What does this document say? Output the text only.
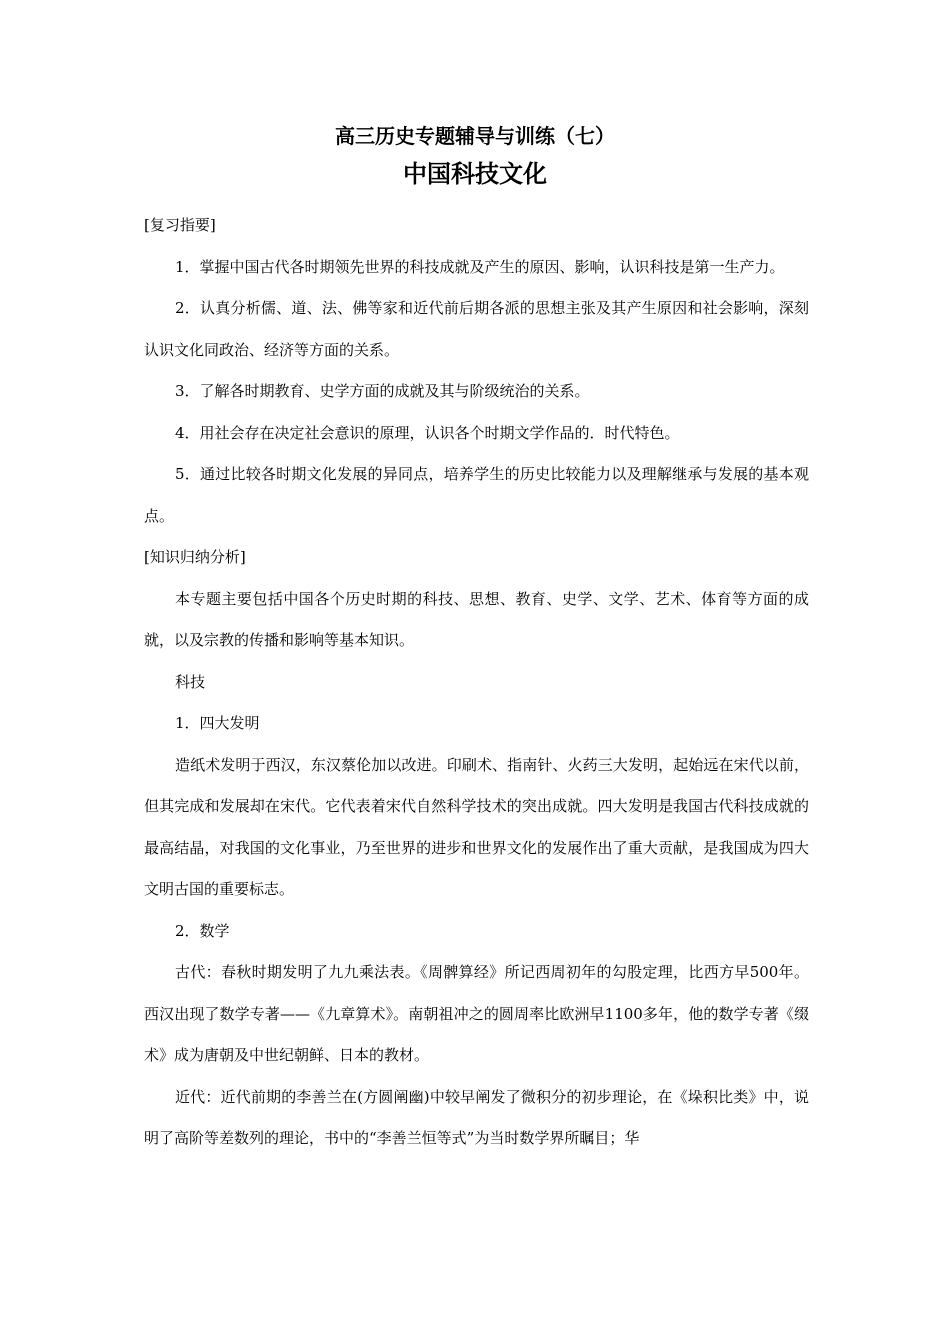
高三历史专题辅导与训练（七）
中国科技文化

[复习指要]

1．掌握中国古代各时期领先世界的科技成就及产生的原因、影响，认识科技是第一生产力。

2．认真分析儒、道、法、佛等家和近代前后期各派的思想主张及其产生原因和社会影响，深刻认识文化同政治、经济等方面的关系。

3．了解各时期教育、史学方面的成就及其与阶级统治的关系。

4．用社会存在决定社会意识的原理，认识各个时期文学作品的．时代特色。

5．通过比较各时期文化发展的异同点，培养学生的历史比较能力以及理解继承与发展的基本观点。

[知识归纳分析]

本专题主要包括中国各个历史时期的科技、思想、教育、史学、文学、艺术、体育等方面的成就，以及宗教的传播和影响等基本知识。

科技

1．四大发明

造纸术发明于西汉，东汉蔡伦加以改进。印刷术、指南针、火药三大发明，起始远在宋代以前，但其完成和发展却在宋代。它代表着宋代自然科学技术的突出成就。四大发明是我国古代科技成就的最高结晶，对我国的文化事业，乃至世界的进步和世界文化的发展作出了重大贡献，是我国成为四大文明古国的重要标志。

2．数学

古代：春秋时期发明了九九乘法表。《周髀算经》所记西周初年的勾股定理，比西方早500年。西汉出现了数学专著——《九章算术》。南朝祖冲之的圆周率比欧洲早1100多年，他的数学专著《缀术》成为唐朝及中世纪朝鲜、日本的教材。

近代：近代前期的李善兰在(方圆阐幽)中较早阐发了微积分的初步理论，在《垛积比类》中，说明了高阶等差数列的理论，书中的“李善兰恒等式”为当时数学界所瞩目；华
